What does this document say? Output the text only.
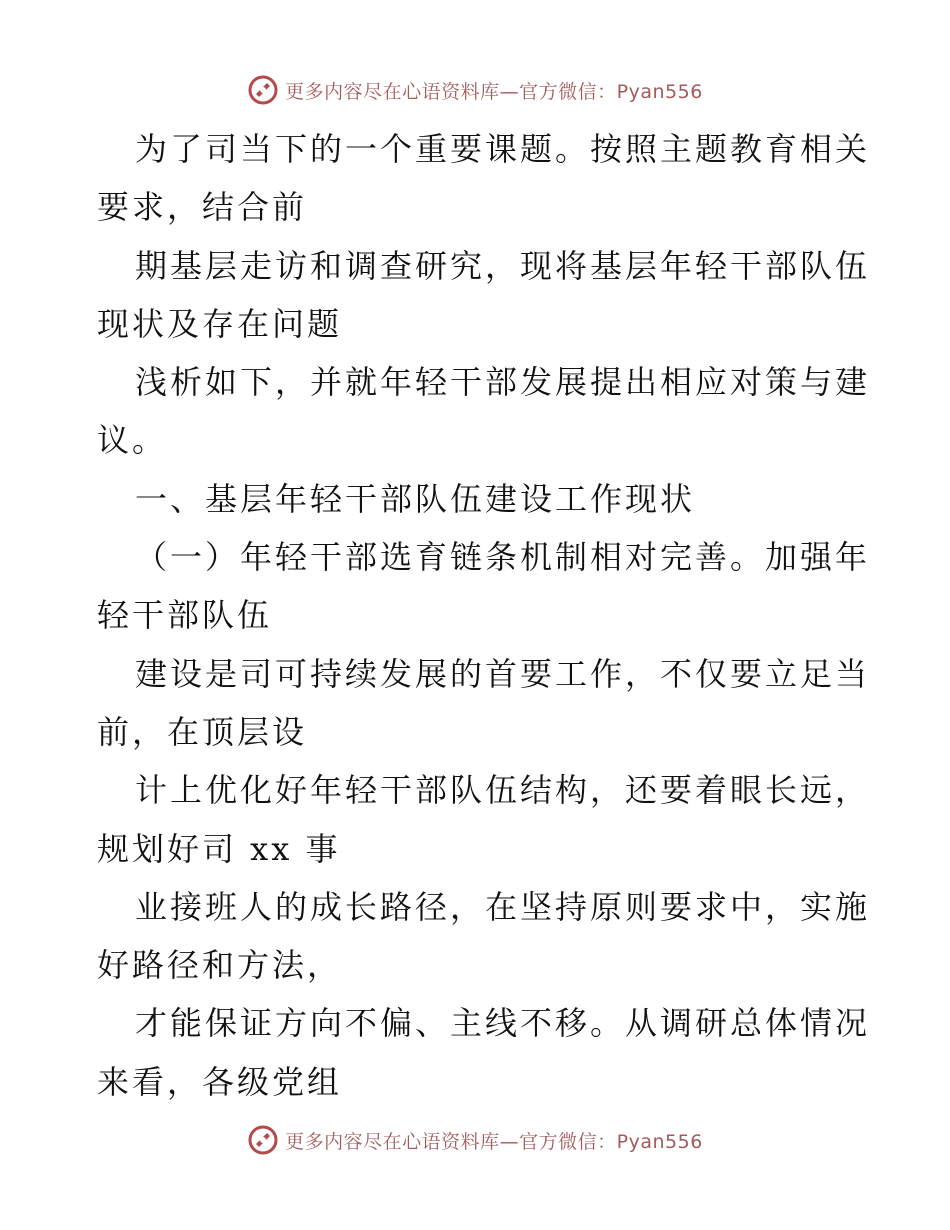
更多内容尽在心语资料库—官方微信：Pyan556
为了司当下的一个重要课题。按照主题教育相关
要求，结合前
期基层走访和调查研究，现将基层年轻干部队伍
现状及存在问题
浅析如下，并就年轻干部发展提出相应对策与建
议。
一、基层年轻干部队伍建设工作现状
（一）年轻干部选育链条机制相对完善。加强年
轻干部队伍
建设是司可持续发展的首要工作，不仅要立足当
前，在顶层设
计上优化好年轻干部队伍结构，还要着眼长远，
规划好司 xx 事
业接班人的成长路径，在坚持原则要求中，实施
好路径和方法，
才能保证方向不偏、主线不移。从调研总体情况
来看，各级党组
更多内容尽在心语资料库—官方微信：Pyan556
